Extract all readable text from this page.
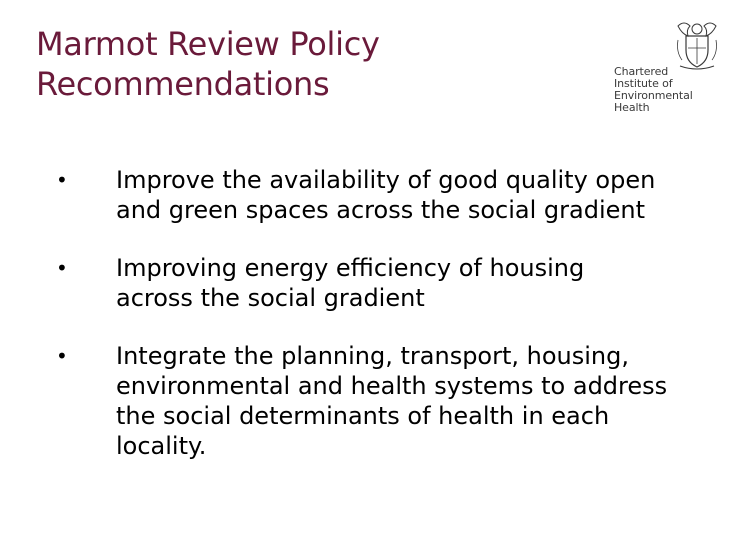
Marmot Review Policy
Recommendations	Chartered
Institute of
Environmental
Health
•	Improve the availability of good quality open
and green spaces across the social gradient
•	Improving energy efficiency of housing
across the social gradient
•	Integrate the planning, transport, housing,
environmental and health systems to address
the social determinants of health in each
locality.
